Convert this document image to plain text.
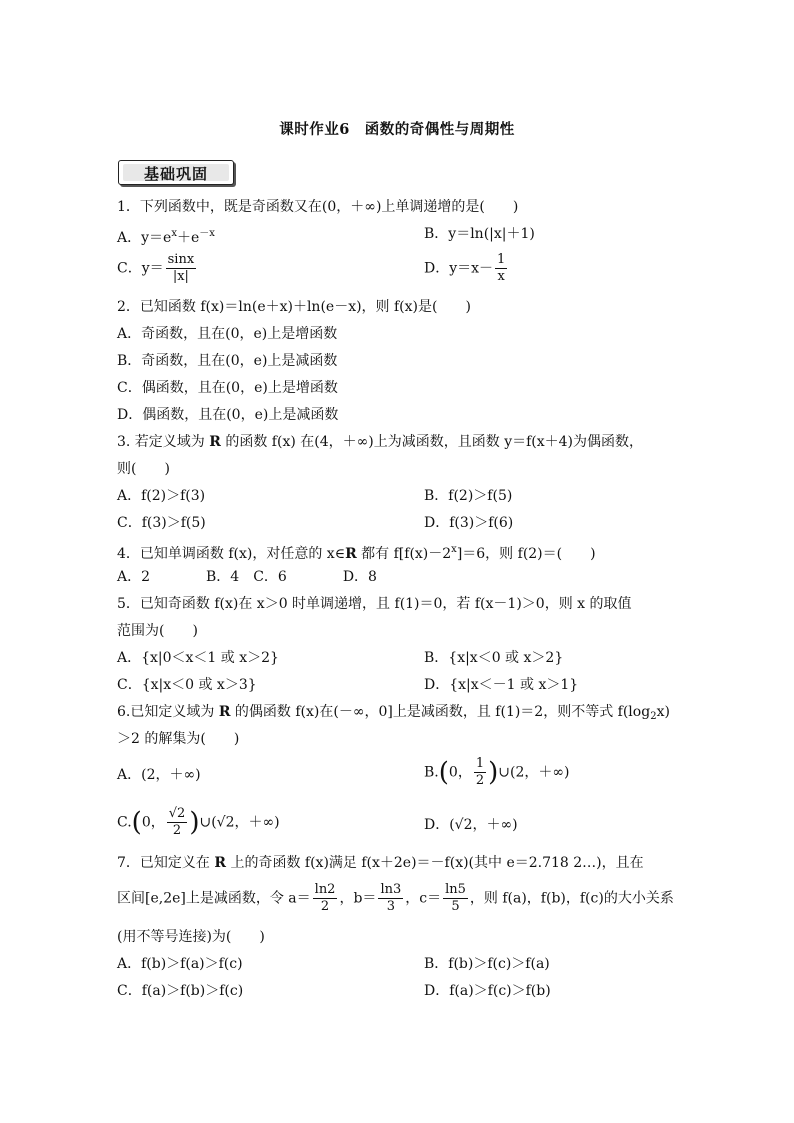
课时作业6　函数的奇偶性与周期性
基础巩固
1．下列函数中，既是奇函数又在(0，＋∞)上单调递增的是(　　)
A．$y=e^x+e^{-x}$	B．y＝ln(|x|＋1)
C．$y= \frac{\sin x}{|x|}$	D．$y=x- \frac{1}{x}$
2．已知函数 f(x)＝ln(e＋x)＋ln(e－x)，则 f(x)是(　　)
A．奇函数，且在(0，e)上是增函数
B．奇函数，且在(0，e)上是减函数
C．偶函数，且在(0，e)上是增函数
D．偶函数，且在(0，e)上是减函数
3. 若定义域为 R 的函数 f(x) 在(4，＋∞)上为减函数，且函数 y＝f(x＋4)为偶函数，
则(　　)
A．f(2)＞f(3)	B．f(2)＞f(5)
C．f(3)＞f(5)	D．f(3)＞f(6)
4．已知单调函数 f(x)，对任意的 x∈R 都有 $f[f(x)-2^x]=6$，则 f(2)＝(　　)
A．2　　　　B．4　C．6　　　　D．8
5．已知奇函数 f(x)在 x＞0 时单调递增，且 f(1)＝0，若 f(x－1)＞0，则 x 的取值
范围为(　　)
A．{x|0＜x＜1 或 x＞2}	B．{x|x＜0 或 x＞2}
C．{x|x＜0 或 x＞3}	D．{x|x＜－1 或 x＞1}
6.已知定义域为 R 的偶函数 f(x)在(－∞，0]上是减函数，且 f(1)＝2，则不等式 $f(\log_2x)$
＞2 的解集为(　　)
A．(2，＋∞)	B.(0， $\frac{1}{2}$ )∪(2，＋∞)
C.(0， $\frac{√2}{2}$ )∪(√2，＋∞)	D．(√2，＋∞)
7．已知定义在 R 上的奇函数 f(x)满足 f(x＋2e)＝－f(x)(其中 e＝2.718 2…)，且在
区间[e,2e]上是减函数，令 $a= \frac{\ln 2}{2}$ ，$b= \frac{\ln 3}{3}$ ，$c= \frac{\ln 5}{5}$ ，则 f(a)，f(b)，f(c)的大小关系
(用不等号连接)为(　　)
A．f(b)＞f(a)＞f(c)	B．f(b)＞f(c)＞f(a)
C．f(a)＞f(b)＞f(c)	D．f(a)＞f(c)＞f(b)
